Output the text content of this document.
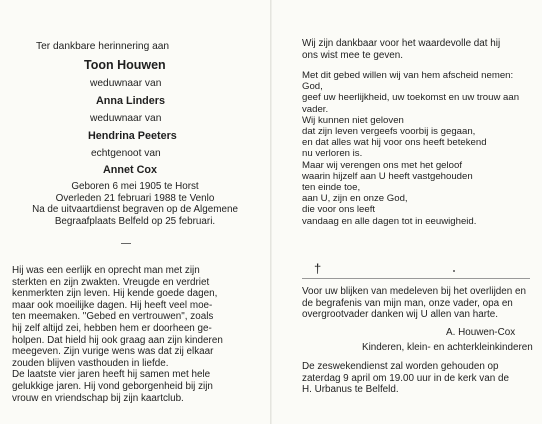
Ter dankbare herinnering aan
Toon Houwen
weduwnaar van
Anna Linders
weduwnaar van
Hendrina Peeters
echtgenoot van
Annet Cox

Geboren 6 mei 1905 te Horst

Overleden 21 februari 1988 te Venlo

Na de uitvaartdienst begraven op de Algemene

Begraafplaats Belfeld op 25 februari.

Hij was een eerlijk en oprecht man met zijn

sterkten en zijn zwakten. Vreugde en verdriet

kenmerkten zijn leven. Hij kende goede dagen,

maar ook moeilijke dagen. Hij heeft veel moe-

ten meemaken. "Gebed en vertrouwen", zoals

hij zelf altijd zei, hebben hem er doorheen ge-

holpen. Dat hield hij ook graag aan zijn kinderen

meegeven. Zijn vurige wens was dat zij elkaar

zouden blijven vasthouden in liefde.

De laatste vier jaren heeft hij samen met hele

gelukkige jaren. Hij vond geborgenheid bij zijn

vrouw en vriendschap bij zijn kaartclub.

Wij zijn dankbaar voor het waardevolle dat hij

ons wist mee te geven.

Met dit gebed willen wij van hem afscheid nemen:

God,

geef uw heerlijkheid, uw toekomst en uw trouw aan

vader.

Wij kunnen niet geloven

dat zijn leven vergeefs voorbij is gegaan,

en dat alles wat hij voor ons heeft betekend

nu verloren is.

Maar wij verengen ons met het geloof

waarin hijzelf aan U heeft vastgehouden

ten einde toe,

aan U, zijn en onze God,

die voor ons leeft

vandaag en alle dagen tot in eeuwigheid.

†

Voor uw blijken van medeleven bij het overlijden en

de begrafenis van mijn man, onze vader, opa en

overgrootvader danken wij U allen van harte.

A. Houwen-Cox
Kinderen, klein- en achterkleinkinderen

De zeswekendienst zal worden gehouden op

zaterdag 9 april om 19.00 uur in de kerk van de

H. Urbanus te Belfeld.
